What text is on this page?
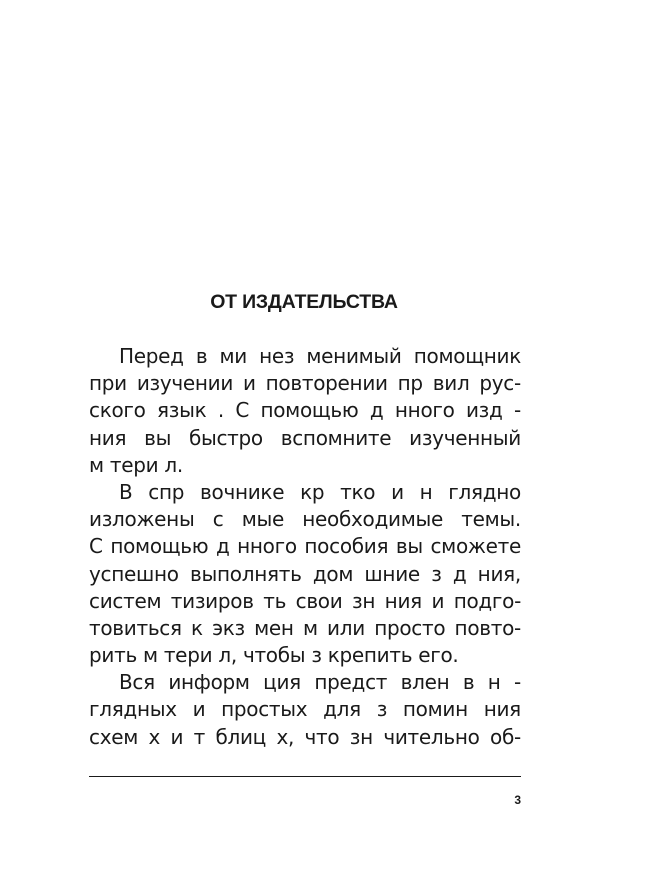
ОТ ИЗДАТЕЛЬСТВА
Перед в ми нез менимый помощник
при изучении и повторении пр вил рус-
ского язык . С помощью д нного изд -
ния вы быстро вспомните изученный
м тери л.
В спр вочнике кр тко и н глядно
изложены с мые необходимые темы.
С помощью д нного пособия вы сможете
успешно выполнять дом шние з д ния,
систем тизиров ть свои зн ния и подго-
товиться к экз мен м или просто повто-
рить м тери л, чтобы з крепить его.
Вся информ ция предст влен в н -
глядных и простых для з помин ния
схем х и т блиц х, что зн чительно об-
3
